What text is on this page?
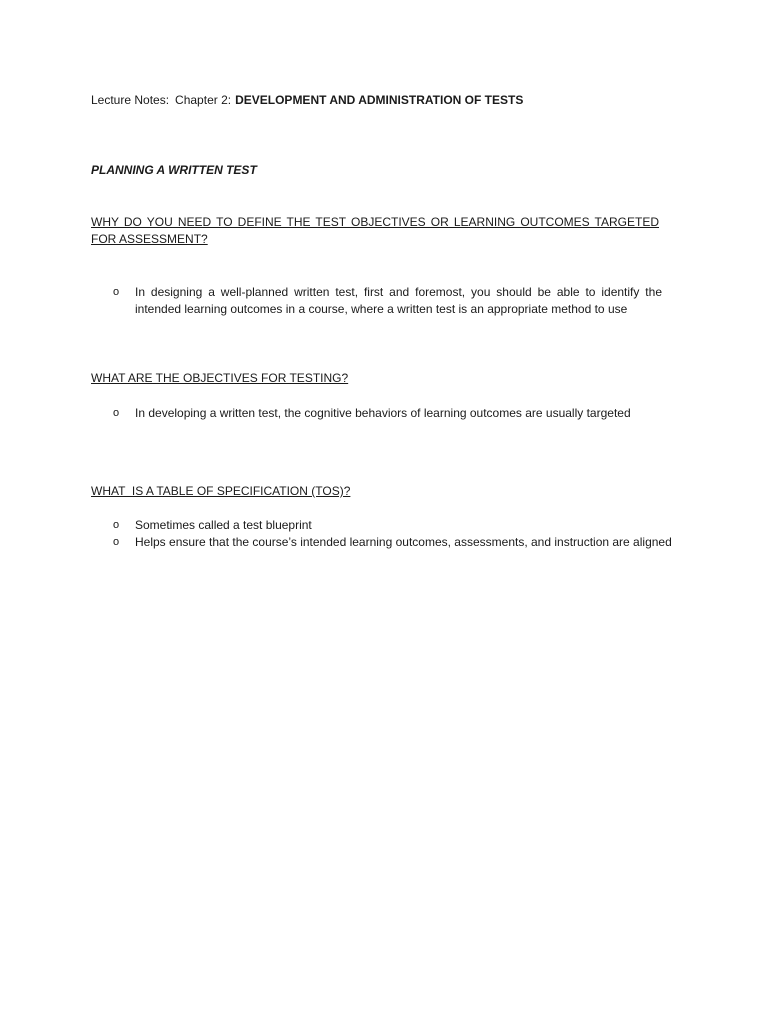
Lecture Notes: Chapter 2: DEVELOPMENT AND ADMINISTRATION OF TESTS
PLANNING A WRITTEN TEST
WHY DO YOU NEED TO DEFINE THE TEST OBJECTIVES OR LEARNING OUTCOMES TARGETED FOR ASSESSMENT?
o In designing a well-planned written test, first and foremost, you should be able to identify the intended learning outcomes in a course, where a written test is an appropriate method to use
WHAT ARE THE OBJECTIVES FOR TESTING?
o In developing a written test, the cognitive behaviors of learning outcomes are usually targeted
WHAT  IS A TABLE OF SPECIFICATION (TOS)?
o Sometimes called a test blueprint
o Helps ensure that the course’s intended learning outcomes, assessments, and instruction are aligned
